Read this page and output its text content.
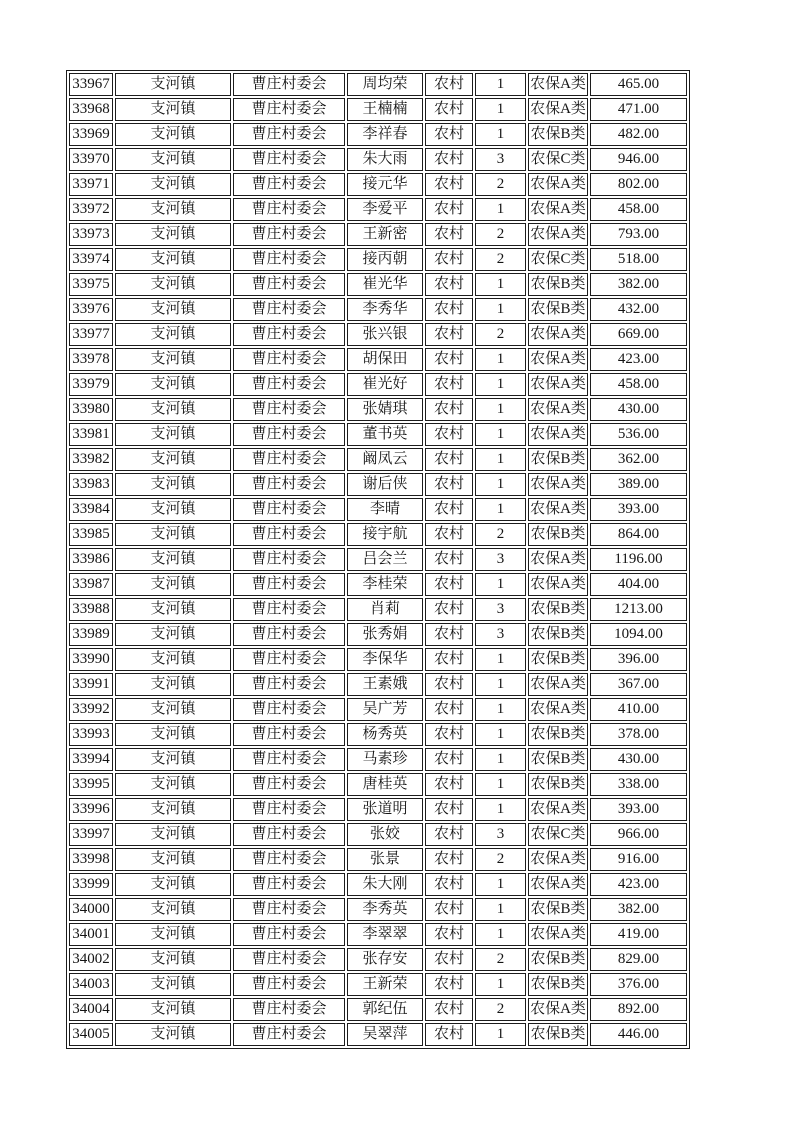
33967	支河镇	曹庄村委会	周均荣	农村	1	农保A类	465.00
33968	支河镇	曹庄村委会	王楠楠	农村	1	农保A类	471.00
33969	支河镇	曹庄村委会	李祥春	农村	1	农保B类	482.00
33970	支河镇	曹庄村委会	朱大雨	农村	3	农保C类	946.00
33971	支河镇	曹庄村委会	接元华	农村	2	农保A类	802.00
33972	支河镇	曹庄村委会	李爱平	农村	1	农保A类	458.00
33973	支河镇	曹庄村委会	王新密	农村	2	农保A类	793.00
33974	支河镇	曹庄村委会	接丙朝	农村	2	农保C类	518.00
33975	支河镇	曹庄村委会	崔光华	农村	1	农保B类	382.00
33976	支河镇	曹庄村委会	李秀华	农村	1	农保B类	432.00
33977	支河镇	曹庄村委会	张兴银	农村	2	农保A类	669.00
33978	支河镇	曹庄村委会	胡保田	农村	1	农保A类	423.00
33979	支河镇	曹庄村委会	崔光好	农村	1	农保A类	458.00
33980	支河镇	曹庄村委会	张婧琪	农村	1	农保A类	430.00
33981	支河镇	曹庄村委会	董书英	农村	1	农保A类	536.00
33982	支河镇	曹庄村委会	阚凤云	农村	1	农保B类	362.00
33983	支河镇	曹庄村委会	谢后侠	农村	1	农保A类	389.00
33984	支河镇	曹庄村委会	李晴	农村	1	农保A类	393.00
33985	支河镇	曹庄村委会	接宇航	农村	2	农保B类	864.00
33986	支河镇	曹庄村委会	吕会兰	农村	3	农保A类	1196.00
33987	支河镇	曹庄村委会	李桂荣	农村	1	农保A类	404.00
33988	支河镇	曹庄村委会	肖莉	农村	3	农保B类	1213.00
33989	支河镇	曹庄村委会	张秀娟	农村	3	农保B类	1094.00
33990	支河镇	曹庄村委会	李保华	农村	1	农保B类	396.00
33991	支河镇	曹庄村委会	王素娥	农村	1	农保A类	367.00
33992	支河镇	曹庄村委会	吴广芳	农村	1	农保A类	410.00
33993	支河镇	曹庄村委会	杨秀英	农村	1	农保B类	378.00
33994	支河镇	曹庄村委会	马素珍	农村	1	农保B类	430.00
33995	支河镇	曹庄村委会	唐桂英	农村	1	农保B类	338.00
33996	支河镇	曹庄村委会	张道明	农村	1	农保A类	393.00
33997	支河镇	曹庄村委会	张姣	农村	3	农保C类	966.00
33998	支河镇	曹庄村委会	张景	农村	2	农保A类	916.00
33999	支河镇	曹庄村委会	朱大刚	农村	1	农保A类	423.00
34000	支河镇	曹庄村委会	李秀英	农村	1	农保B类	382.00
34001	支河镇	曹庄村委会	李翠翠	农村	1	农保A类	419.00
34002	支河镇	曹庄村委会	张存安	农村	2	农保B类	829.00
34003	支河镇	曹庄村委会	王新荣	农村	1	农保B类	376.00
34004	支河镇	曹庄村委会	郭纪伍	农村	2	农保A类	892.00
34005	支河镇	曹庄村委会	吴翠萍	农村	1	农保B类	446.00
